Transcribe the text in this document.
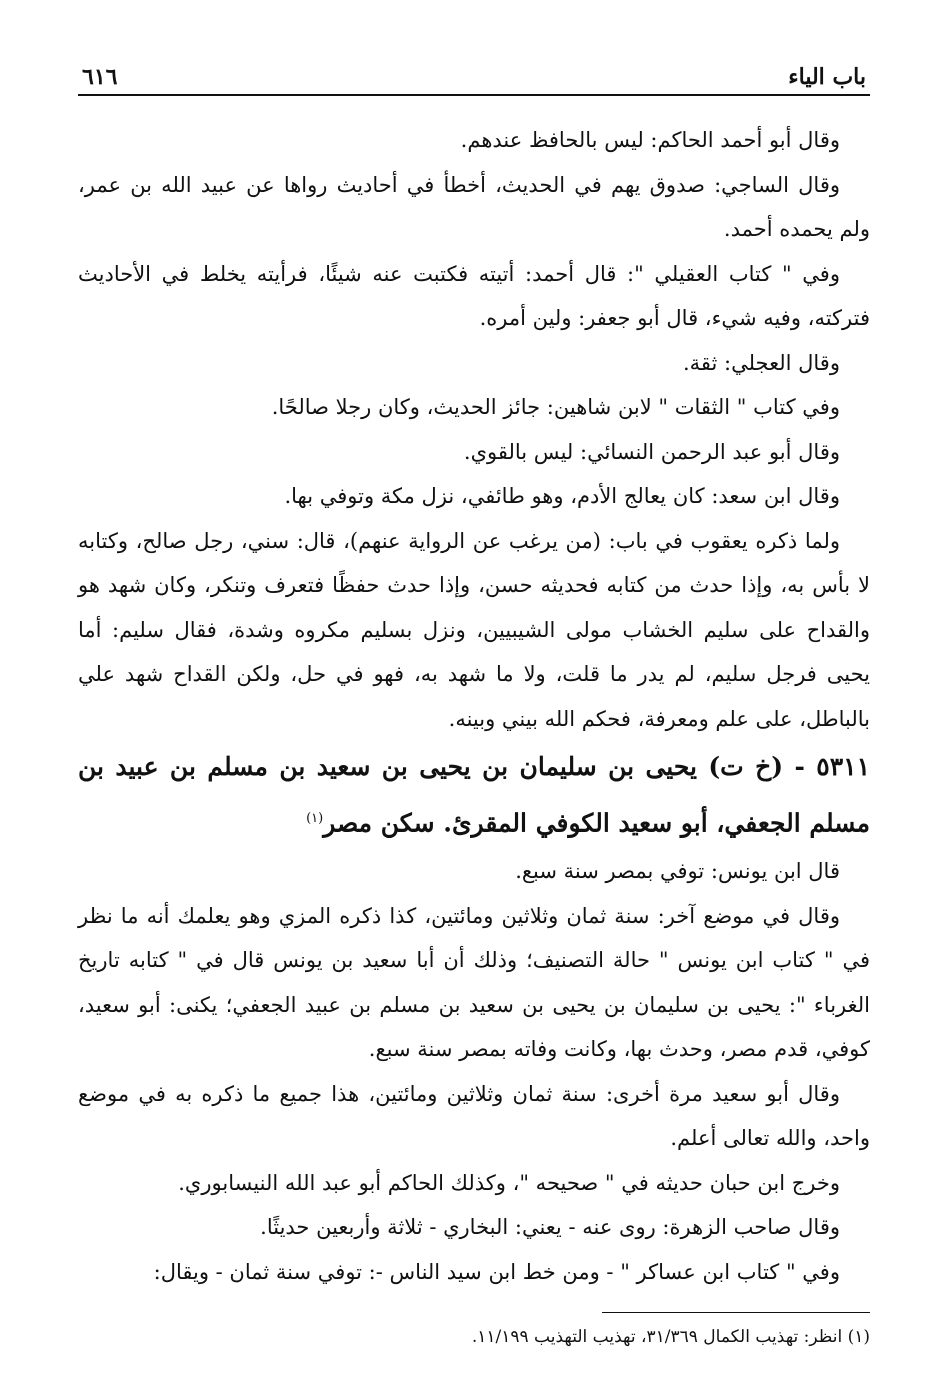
باب الياء
٦١٦

وقال أبو أحمد الحاكم: ليس بالحافظ عندهم.

وقال الساجي: صدوق يهم في الحديث، أخطأ في أحاديث رواها عن عبيد الله بن عمر، ولم يحمده أحمد.

وفي " كتاب العقيلي ": قال أحمد: أتيته فكتبت عنه شيئًا، فرأيته يخلط في الأحاديث فتركته، وفيه شيء، قال أبو جعفر: ولين أمره.

وقال العجلي: ثقة.

وفي كتاب " الثقات " لابن شاهين: جائز الحديث، وكان رجلا صالحًا.

وقال أبو عبد الرحمن النسائي: ليس بالقوي.

وقال ابن سعد: كان يعالج الأدم، وهو طائفي، نزل مكة وتوفي بها.

ولما ذكره يعقوب في باب: (من يرغب عن الرواية عنهم)، قال: سني، رجل صالح، وكتابه لا بأس به، وإذا حدث من كتابه فحديثه حسن، وإذا حدث حفظًا فتعرف وتنكر، وكان شهد هو والقداح على سليم الخشاب مولى الشيبيين، ونزل بسليم مكروه وشدة، فقال سليم: أما يحيى فرجل سليم، لم يدر ما قلت، ولا ما شهد به، فهو في حل، ولكن القداح شهد علي بالباطل، على علم ومعرفة، فحكم الله بيني وبينه.

٥٣١١ - (خ ت) يحيى بن سليمان بن يحيى بن سعيد بن مسلم بن عبيد بن مسلم الجعفي، أبو سعيد الكوفي المقرئ. سكن مصر$^{(١)}$

قال ابن يونس: توفي بمصر سنة سبع.

وقال في موضع آخر: سنة ثمان وثلاثين ومائتين، كذا ذكره المزي وهو يعلمك أنه ما نظر في " كتاب ابن يونس " حالة التصنيف؛ وذلك أن أبا سعيد بن يونس قال في " كتابه تاريخ الغرباء ": يحيى بن سليمان بن يحيى بن سعيد بن مسلم بن عبيد الجعفي؛ يكنى: أبو سعيد، كوفي، قدم مصر، وحدث بها، وكانت وفاته بمصر سنة سبع.

وقال أبو سعيد مرة أخرى: سنة ثمان وثلاثين ومائتين، هذا جميع ما ذكره به في موضع واحد، والله تعالى أعلم.

وخرج ابن حبان حديثه في " صحيحه "، وكذلك الحاكم أبو عبد الله النيسابوري.

وقال صاحب الزهرة: روى عنه - يعني: البخاري - ثلاثة وأربعين حديثًا.

وفي " كتاب ابن عساكر " - ومن خط ابن سيد الناس -: توفي سنة ثمان - ويقال:

(١) انظر: تهذيب الكمال ٣١/٣٦٩، تهذيب التهذيب ١١/١٩٩.
